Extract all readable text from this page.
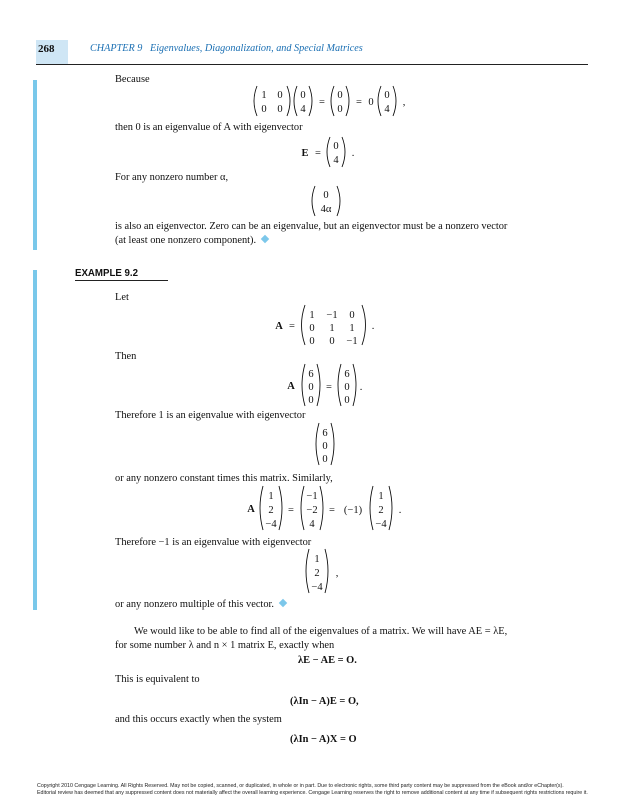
268	CHAPTER 9 Eigenvalues, Diagonalization, and Special Matrices
Because
1 0
0 0
0
4
=
0
0
= 0
0
4
,
then 0 is an eigenvalue of A with eigenvector
E =
0
4
.
For any nonzero number α,
0
4α
is also an eigenvector. Zero can be an eigenvalue, but an eigenvector must be a nonzero vector
(at least one nonzero component).
EXAMPLE 9.2
Let
A =
1 −1 0
0 1 1
0 0 −1
.
Then
A
6
0
0
=
6
0
0
.
Therefore 1 is an eigenvalue with eigenvector
6
0
0
or any nonzero constant times this matrix. Similarly,
A
1
2
−4
=
−1
−2
4
= (−1)
1
2
−4
.
Therefore −1 is an eigenvalue with eigenvector
1
2
−4
,
or any nonzero multiple of this vector.
We would like to be able to find all of the eigenvalues of a matrix. We will have AE = λE,
for some number λ and n × 1 matrix E, exactly when
λE − AE = O.
This is equivalent to
(λIn − A)E = O,
and this occurs exactly when the system
(λIn − A)X = O
Copyright 2010 Cengage Learning. All Rights Reserved. May not be copied, scanned, or duplicated, in whole or in part. Due to electronic rights, some third party content may be suppressed from the eBook and/or eChapter(s).
Editorial review has deemed that any suppressed content does not materially affect the overall learning experience. Cengage Learning reserves the right to remove additional content at any time if subsequent rights restrictions require it.
